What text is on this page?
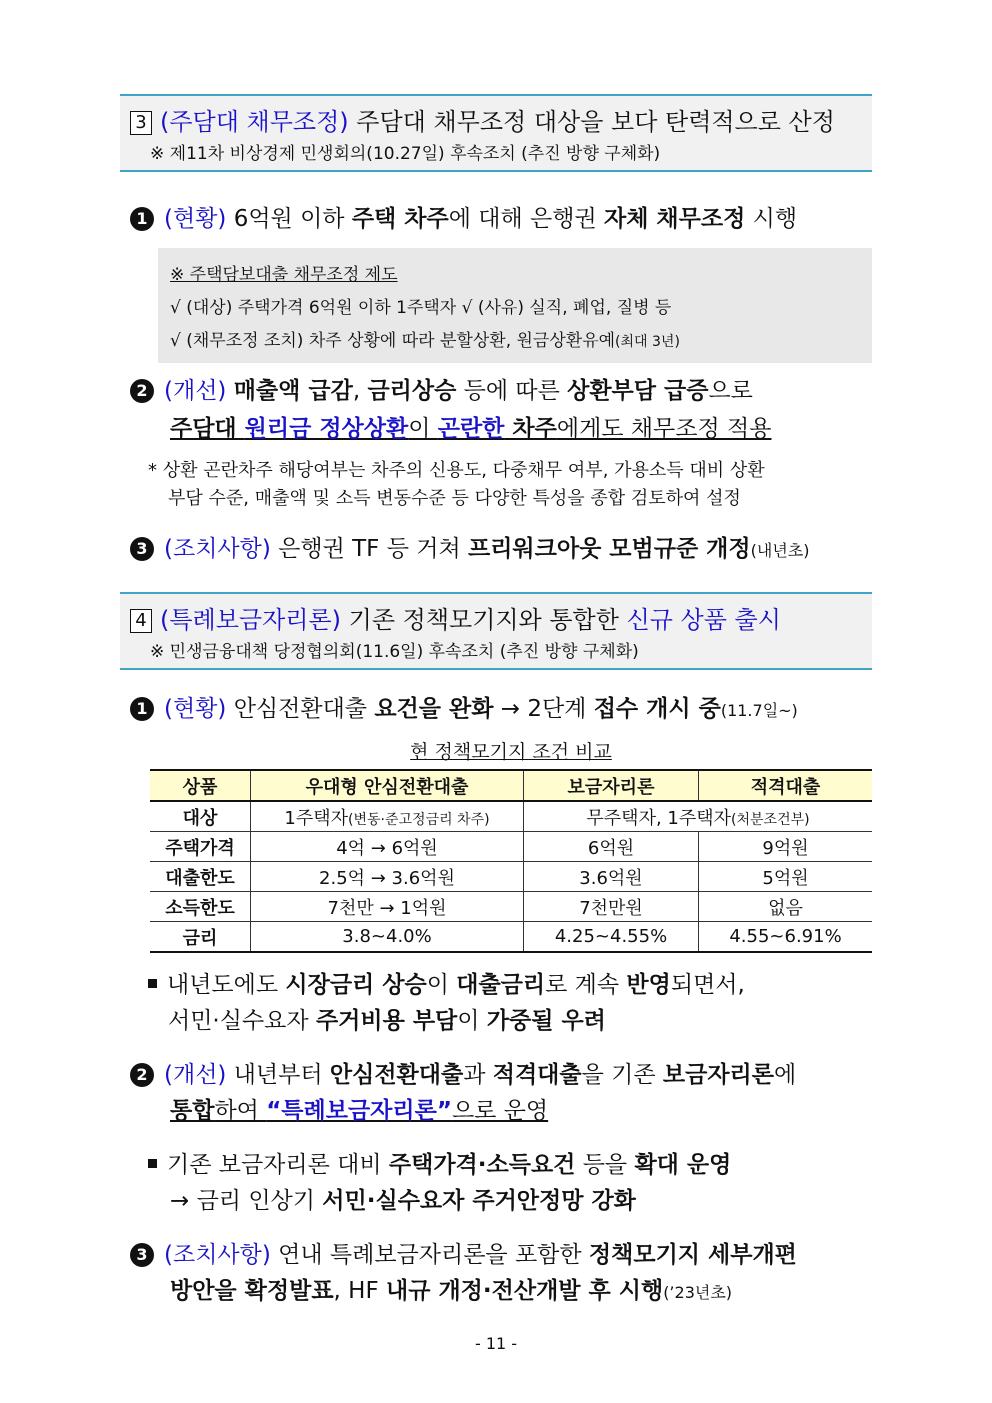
3 (주담대 채무조정) 주담대 채무조정 대상을 보다 탄력적으로 산정
※ 제11차 비상경제 민생회의(10.27일) 후속조치 (추진 방향 구체화)
1 (현황) 6억원 이하 주택 차주에 대해 은행권 자체 채무조정 시행
※ 주택담보대출 채무조정 제도
√ (대상) 주택가격 6억원 이하 1주택자 √ (사유) 실직, 폐업, 질병 등
√ (채무조정 조치) 차주 상황에 따라 분할상환, 원금상환유예(최대 3년)
2 (개선) 매출액 급감, 금리상승 등에 따른 상환부담 급증으로
주담대 원리금 정상상환이 곤란한 차주에게도 채무조정 적용
* 상환 곤란차주 해당여부는 차주의 신용도, 다중채무 여부, 가용소득 대비 상환
부담 수준, 매출액 및 소득 변동수준 등 다양한 특성을 종합 검토하여 설정
3 (조치사항) 은행권 TF 등 거쳐 프리워크아웃 모범규준 개정(내년초)
4 (특례보금자리론) 기존 정책모기지와 통합한 신규 상품 출시
※ 민생금융대책 당정협의회(11.6일) 후속조치 (추진 방향 구체화)
1 (현황) 안심전환대출 요건을 완화 → 2단계 접수 개시 중(11.7일~)
현 정책모기지 조건 비교
상품	우대형 안심전환대출	보금자리론	적격대출
대상	1주택자(변동·준고정금리 차주)	무주택자, 1주택자(처분조건부)	
주택가격	4억 → 6억원	6억원	9억원
대출한도	2.5억 → 3.6억원	3.6억원	5억원
소득한도	7천만 → 1억원	7천만원	없음
금리	3.8~4.0%	4.25~4.55%	4.55~6.91%
내년도에도 시장금리 상승이 대출금리로 계속 반영되면서,
서민·실수요자 주거비용 부담이 가중될 우려
2 (개선) 내년부터 안심전환대출과 적격대출을 기존 보금자리론에
통합하여 “특례보금자리론”으로 운영
기존 보금자리론 대비 주택가격·소득요건 등을 확대 운영
→ 금리 인상기 서민·실수요자 주거안정망 강화
3 (조치사항) 연내 특례보금자리론을 포함한 정책모기지 세부개편
방안을 확정발표, HF 내규 개정·전산개발 후 시행(’23년초)
- 11 -
